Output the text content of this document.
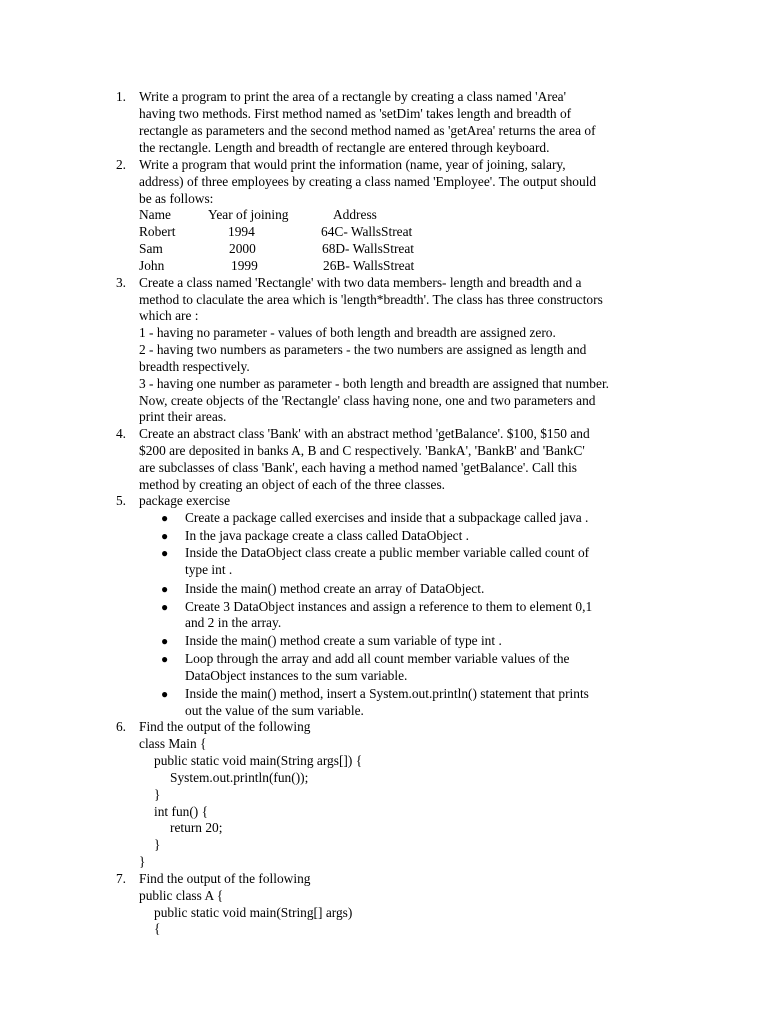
1. Write a program to print the area of a rectangle by creating a class named 'Area'
having two methods. First method named as 'setDim' takes length and breadth of
rectangle as parameters and the second method named as 'getArea' returns the area of
the rectangle. Length and breadth of rectangle are entered through keyboard.
2. Write a program that would print the information (name, year of joining, salary,
address) of three employees by creating a class named 'Employee'. The output should
be as follows:
Name	Year of joining	Address
Robert	1994	64C- WallsStreat
Sam	2000	68D- WallsStreat
John	1999	26B- WallsStreat
3. Create a class named 'Rectangle' with two data members- length and breadth and a
method to claculate the area which is 'length*breadth'. The class has three constructors
which are :
1 - having no parameter - values of both length and breadth are assigned zero.
2 - having two numbers as parameters - the two numbers are assigned as length and
breadth respectively.
3 - having one number as parameter - both length and breadth are assigned that number.
Now, create objects of the 'Rectangle' class having none, one and two parameters and
print their areas.
4. Create an abstract class 'Bank' with an abstract method 'getBalance'. $100, $150 and
$200 are deposited in banks A, B and C respectively. 'BankA', 'BankB' and 'BankC'
are subclasses of class 'Bank', each having a method named 'getBalance'. Call this
method by creating an object of each of the three classes.
5. package exercise
● Create a package called exercises and inside that a subpackage called java .
● In the java package create a class called DataObject .
● Inside the DataObject class create a public member variable called count of
type int .
● Inside the main() method create an array of DataObject.
● Create 3 DataObject instances and assign a reference to them to element 0,1
and 2 in the array.
● Inside the main() method create a sum variable of type int .
● Loop through the array and add all count member variable values of the
DataObject instances to the sum variable.
● Inside the main() method, insert a System.out.println() statement that prints
out the value of the sum variable.
6. Find the output of the following
class Main {
public static void main(String args[]) {
System.out.println(fun());
}
int fun() {
return 20;
}
}
7. Find the output of the following
public class A {
public static void main(String[] args)
{
